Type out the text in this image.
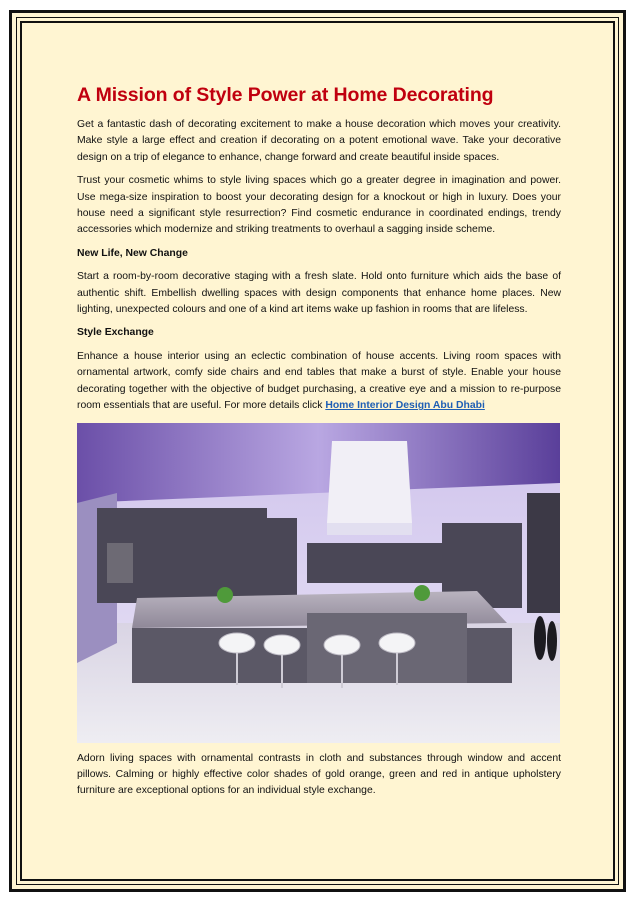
A Mission of Style Power at Home Decorating

Get a fantastic dash of decorating excitement to make a house decoration which moves your creativity. Make style a large effect and creation if decorating on a potent emotional wave. Take your decorative design on a trip of elegance to enhance, change forward and create beautiful inside spaces.

Trust your cosmetic whims to style living spaces which go a greater degree in imagination and power. Use mega-size inspiration to boost your decorating design for a knockout or high in luxury. Does your house need a significant style resurrection? Find cosmetic endurance in coordinated endings, trendy accessories which modernize and striking treatments to overhaul a sagging inside scheme.

New Life, New Change

Start a room-by-room decorative staging with a fresh slate. Hold onto furniture which aids the base of authentic shift. Embellish dwelling spaces with design components that enhance home places. New lighting, unexpected colours and one of a kind art items wake up fashion in rooms that are lifeless.

Style Exchange

Enhance a house interior using an eclectic combination of house accents. Living room spaces with ornamental artwork, comfy side chairs and end tables that make a burst of style. Enable your house decorating together with the objective of budget purchasing, a creative eye and a mission to re-purpose room essentials that are useful. For more details click Home Interior Design Abu Dhabi

Adorn living spaces with ornamental contrasts in cloth and substances through window and accent pillows. Calming or highly effective color shades of gold orange, green and red in antique upholstery furniture are exceptional options for an individual style exchange.
